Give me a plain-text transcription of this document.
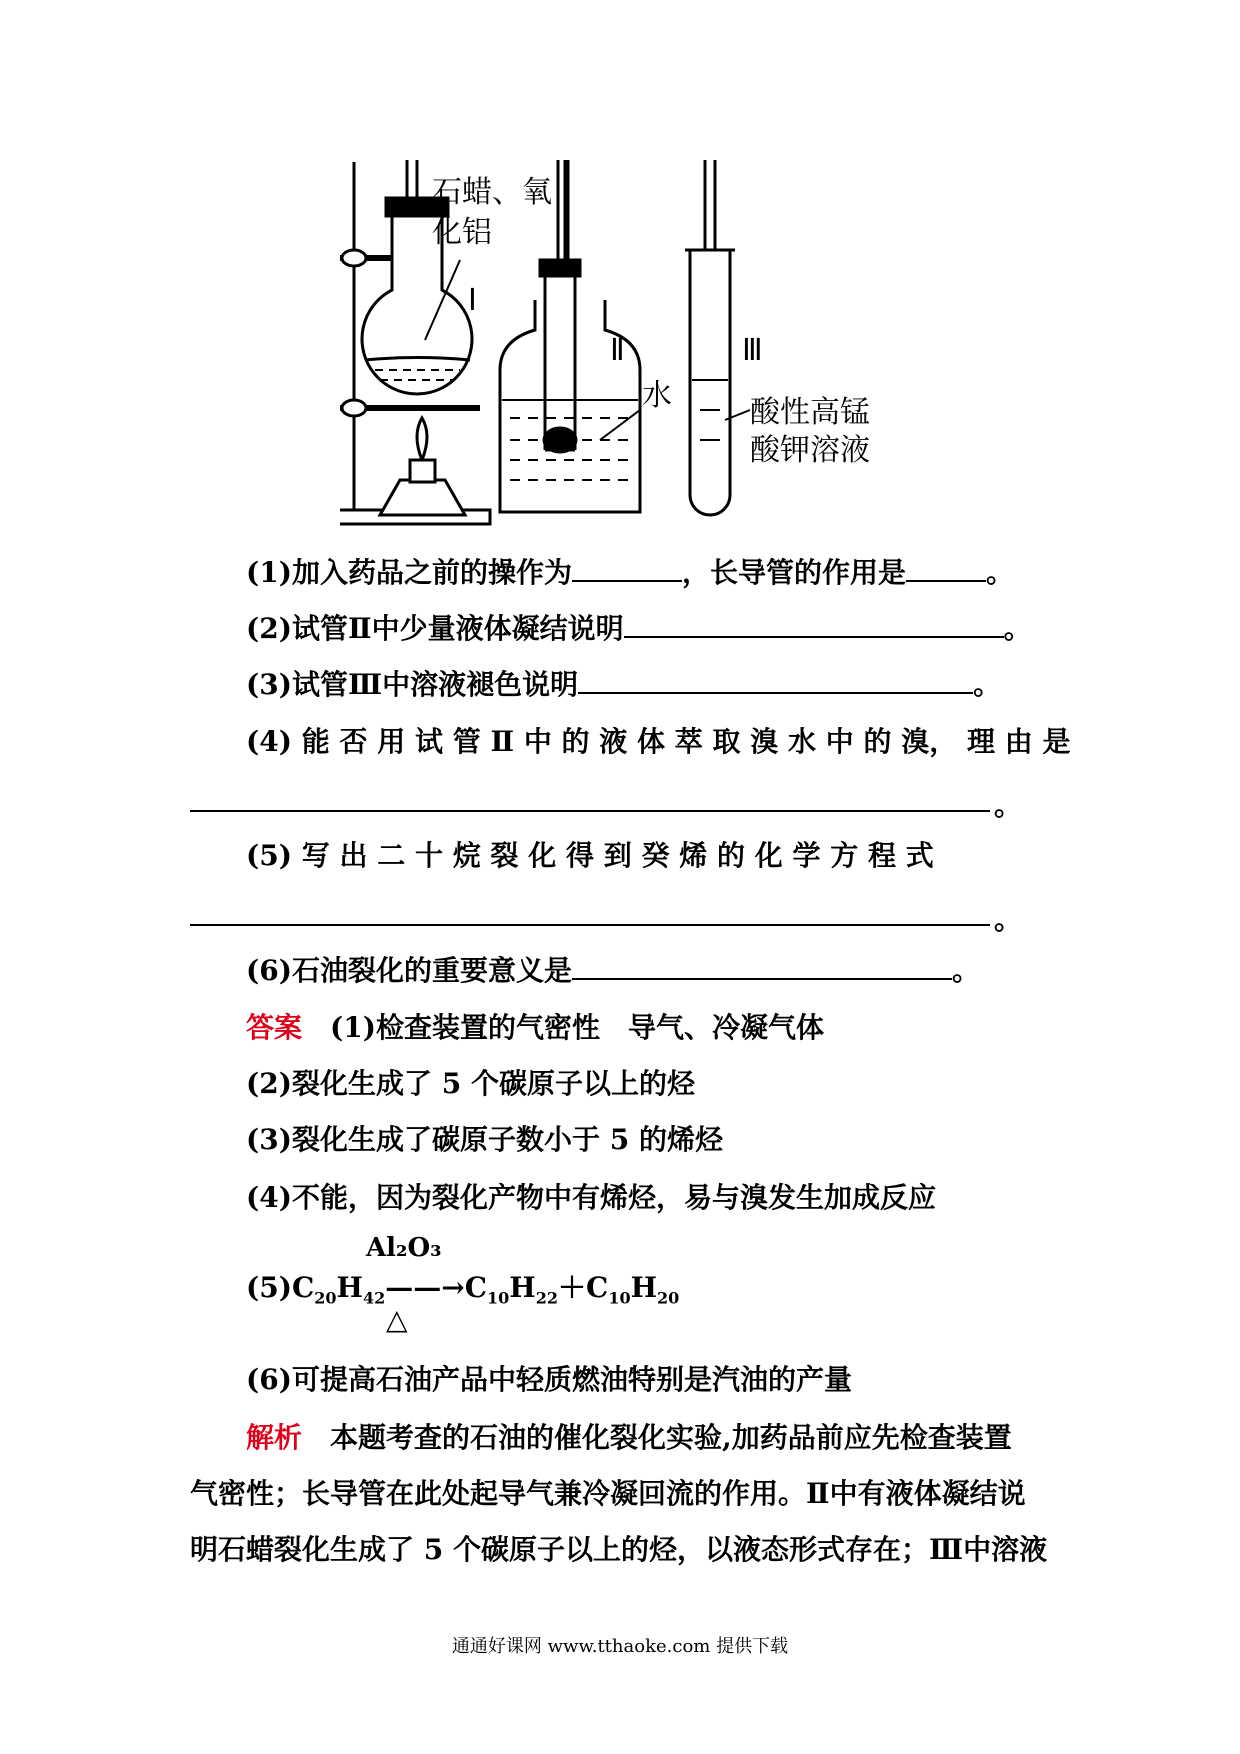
石蜡、氧
化铝
Ⅰ
Ⅱ	Ⅲ
水	酸性高锰
酸钾溶液
(1)加入药品之前的操作为	，长导管的作用是	。
(2)试管Ⅱ中少量液体凝结说明	。
(3)试管Ⅲ中溶液褪色说明	。
(4) 能 否 用 试 管 Ⅱ 中 的 液 体 萃 取 溴 水 中 的 溴， 理 由 是
。
(5) 写 出 二 十 烷 裂 化 得 到 癸 烯 的 化 学 方 程 式
。
(6)石油裂化的重要意义是	。
答案　 (1)检查装置的气密性　导气、冷凝气体
(2)裂化生成了 5 个碳原子以上的烃
(3)裂化生成了碳原子数小于 5 的烯烃
(4)不能，因为裂化产物中有烯烃，易与溴发生加成反应
Al₂O₃
$(5)C_{20}H_{42}——\to C_{10}H_{22}+C_{10}H_{20}$
△
(6)可提高石油产品中轻质燃油特别是汽油的产量
解析　 本题考查的石油的催化裂化实验,加药品前应先检查装置
气密性；长导管在此处起导气兼冷凝回流的作用。Ⅱ中有液体凝结说
明石蜡裂化生成了 5 个碳原子以上的烃，以液态形式存在；Ⅲ中溶液
通通好课网 www.tthaoke.com 提供下载
